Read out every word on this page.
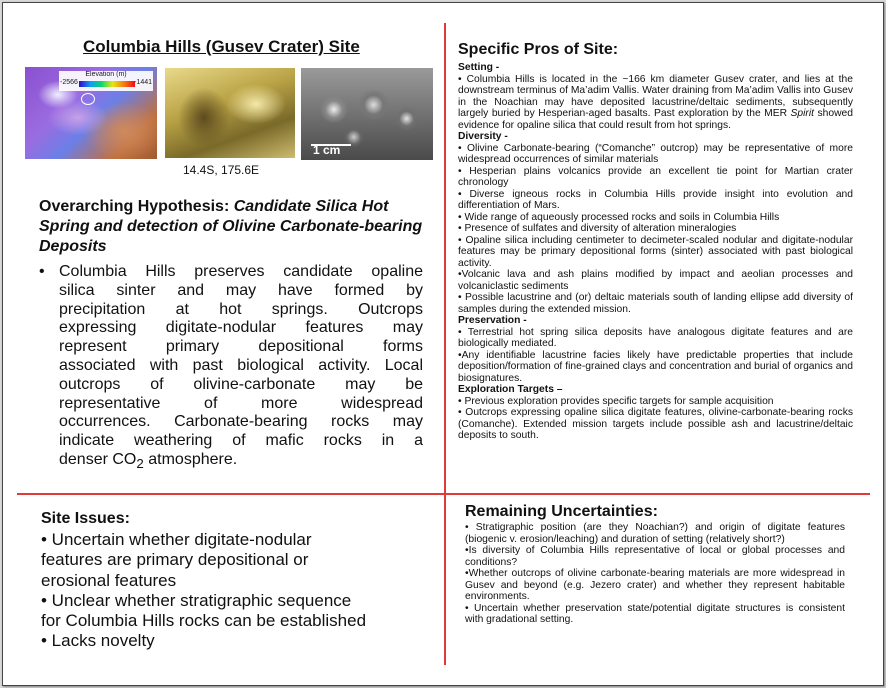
Columbia Hills (Gusev Crater) Site
Elevation (m)
-2566	-1441
1 cm
14.4S, 175.6E
Overarching Hypothesis: Candidate Silica Hot Spring and detection of Olivine Carbonate-bearing Deposits
• Columbia Hills preserves candidate opaline
silica sinter and may have formed by
precipitation at hot springs. Outcrops
expressing digitate-nodular features may
represent primary depositional forms
associated with past biological activity. Local
outcrops of olivine-carbonate may be
representative of more widespread
occurrences. Carbonate-bearing rocks may
indicate weathering of mafic rocks in a
denser $CO_2$ atmosphere.
Site Issues:
• Uncertain whether digitate-nodular
features are primary depositional or
erosional features
• Unclear whether stratigraphic sequence
for Columbia Hills rocks can be established
• Lacks novelty
Specific Pros of Site:
Setting -
• Columbia Hills is located in the ~166 km diameter Gusev crater, and lies at the downstream terminus of Ma’adim Vallis. Water draining from Ma’adim Vallis into Gusev in the Noachian may have deposited lacustrine/deltaic sediments, subsequently largely buried by Hesperian-aged basalts. Past exploration by the MER Spirit showed evidence for opaline silica that could result from hot springs.
Diversity -
• Olivine Carbonate-bearing (“Comanche” outcrop) may be representative of more widespread occurrences of similar materials
• Hesperian plains volcanics provide an excellent tie point for Martian crater chronology
• Diverse igneous rocks in Columbia Hills provide insight into evolution and differentiation of Mars.
• Wide range of aqueously processed rocks and soils in Columbia Hills
• Presence of sulfates and diversity of alteration mineralogies
• Opaline silica including centimeter to decimeter-scaled nodular and digitate-nodular features may be primary depositional forms (sinter) associated with past biological activity.
•Volcanic lava and ash plains modified by impact and aeolian processes and volcaniclastic sediments
• Possible lacustrine and (or) deltaic materials south of landing ellipse add diversity of samples during the extended mission.
Preservation -
• Terrestrial hot spring silica deposits have analogous digitate features and are biologically mediated.
•Any identifiable lacustrine facies likely have predictable properties that include deposition/formation of fine-grained clays and concentration and burial of organics and biosignatures.
Exploration Targets –
• Previous exploration provides specific targets for sample acquisition
• Outcrops expressing opaline silica digitate features, olivine-carbonate-bearing rocks (Comanche). Extended mission targets include possible ash and lacustrine/deltaic deposits to south.
Remaining Uncertainties:
• Stratigraphic position (are they Noachian?) and origin of digitate features (biogenic v. erosion/leaching) and duration of setting (relatively short?)
•Is diversity of Columbia Hills representative of local or global processes and conditions?
•Whether outcrops of olivine carbonate-bearing materials are more widespread in Gusev and beyond (e.g. Jezero crater) and whether they represent habitable environments.
• Uncertain whether preservation state/potential digitate structures is consistent with gradational setting.
